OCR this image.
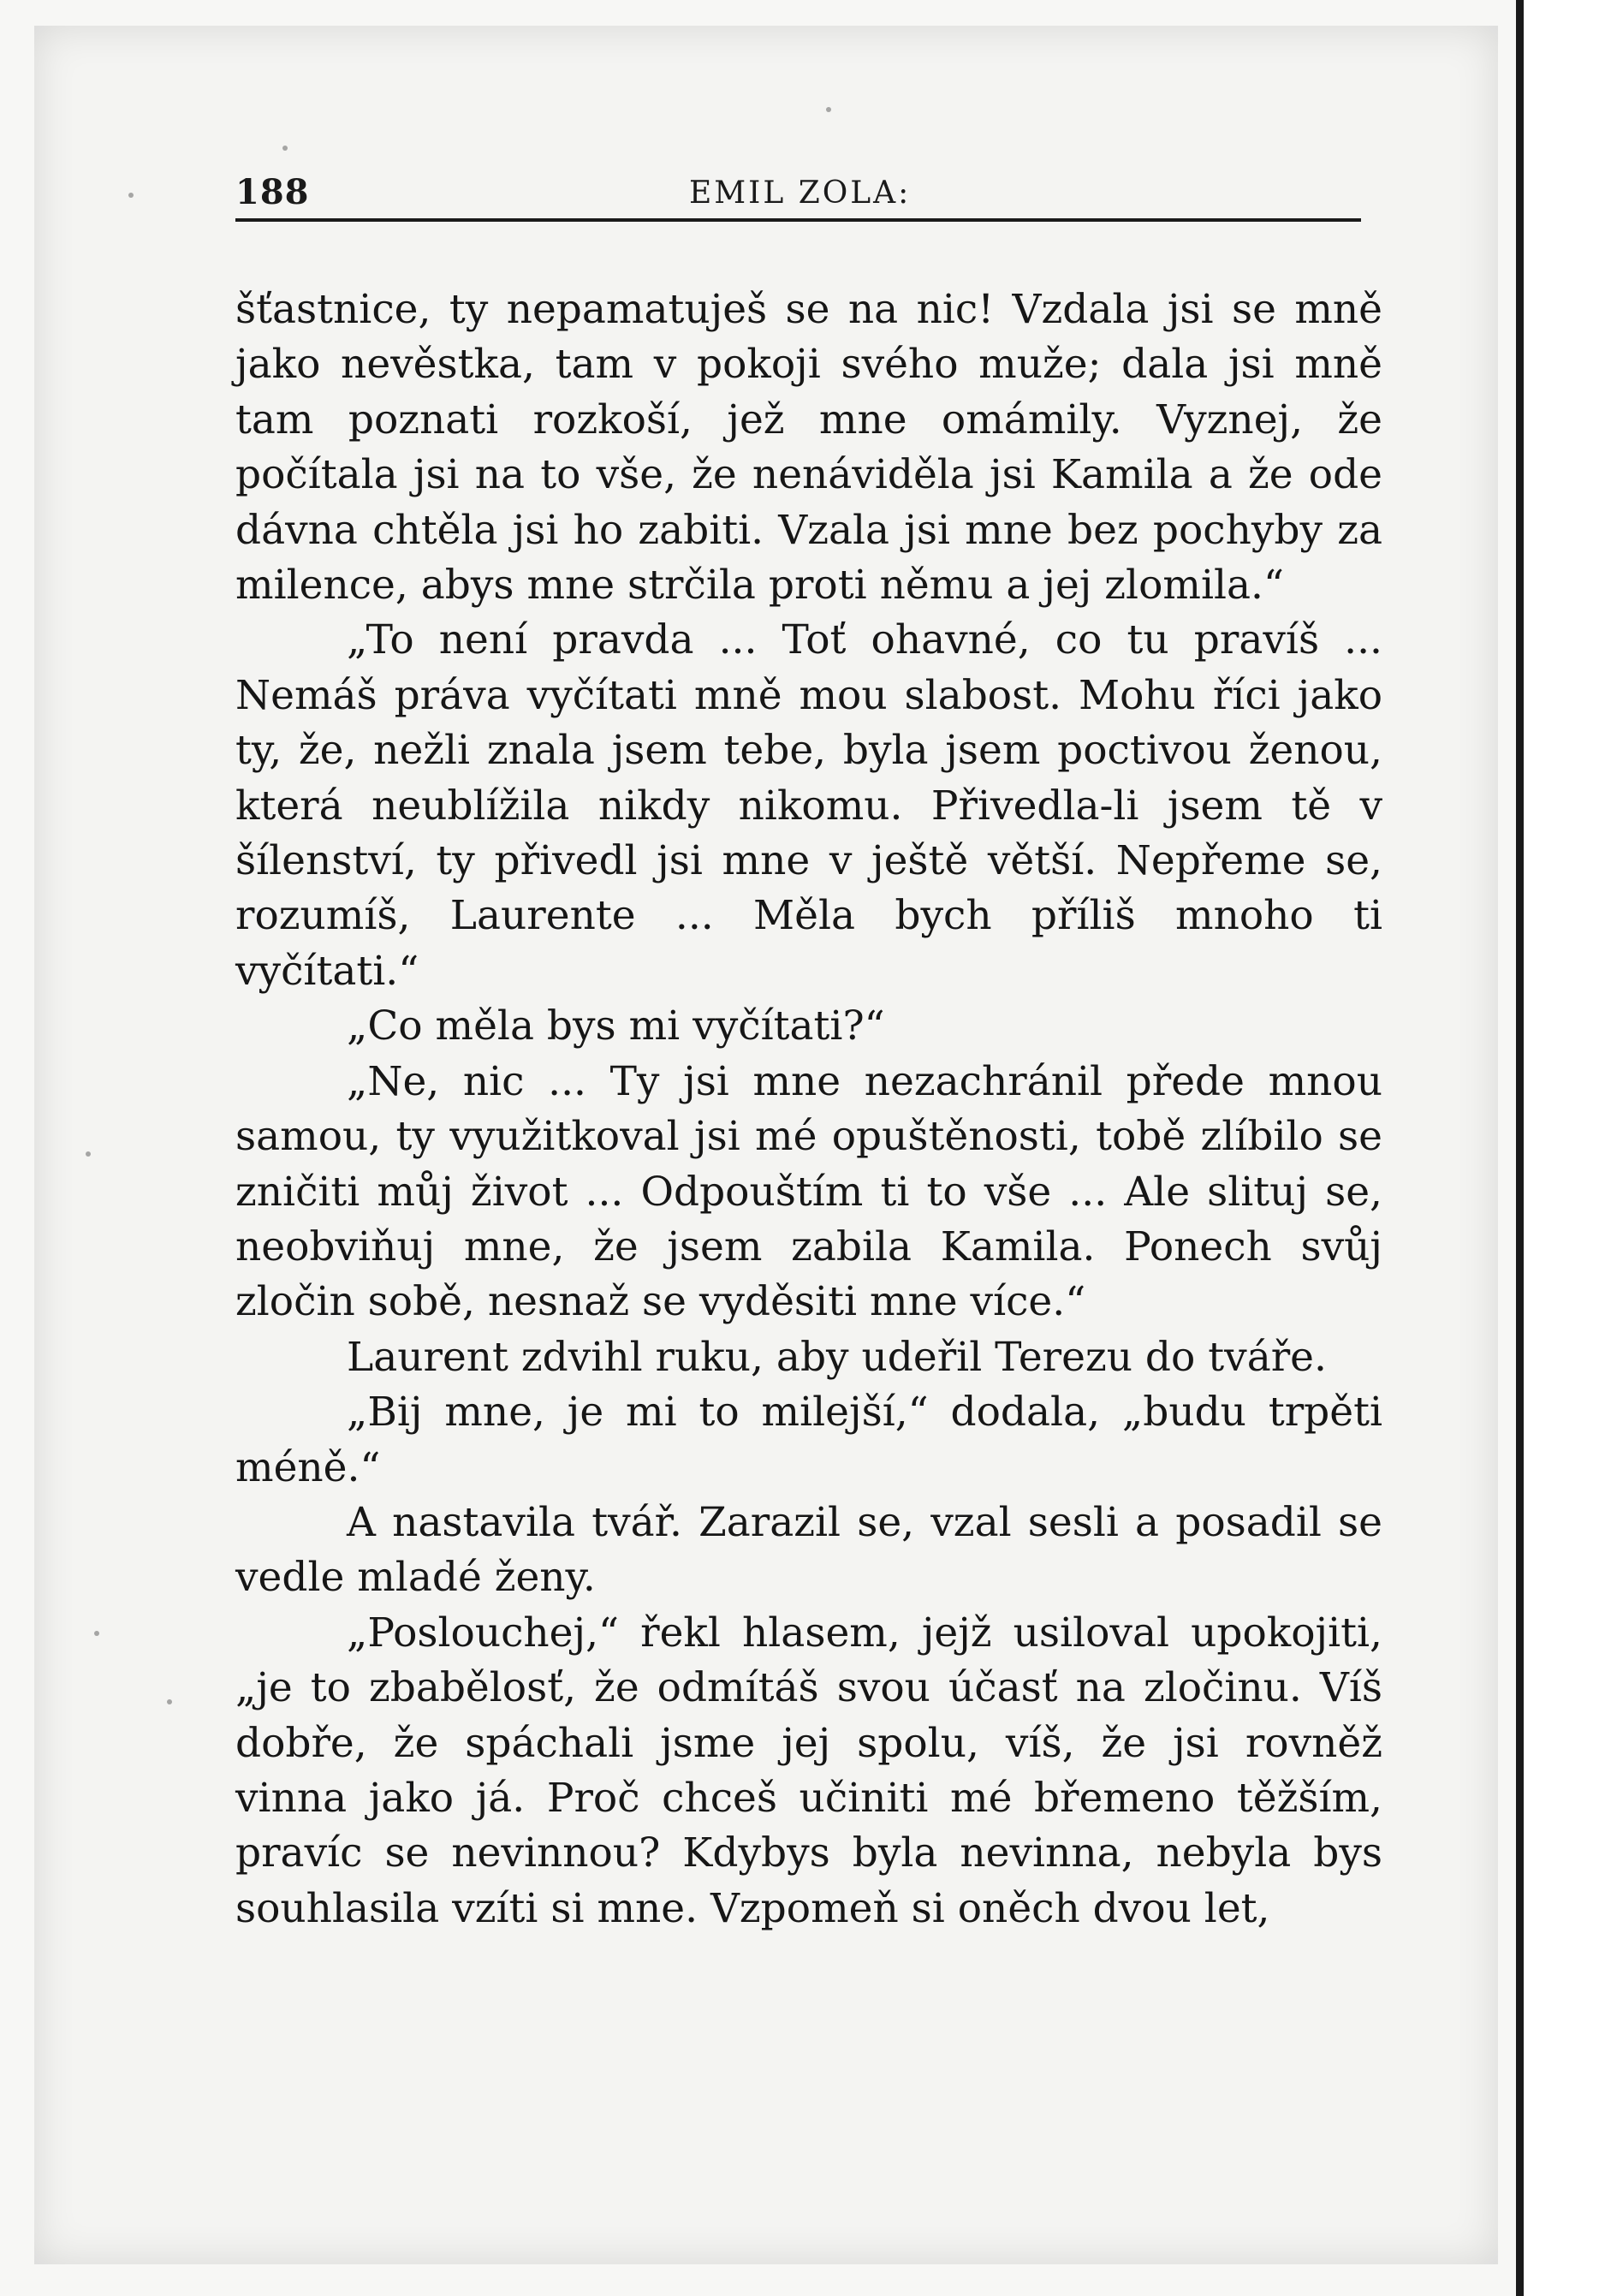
188	EMIL ZOLA:

šťastnice, ty nepamatuješ se na nic! Vzdala jsi se mně jako nevěstka, tam v pokoji svého muže; dala jsi mně tam poznati rozkoší, jež mne omámily. Vyznej, že počítala jsi na to vše, že nenáviděla jsi Kamila a že ode dávna chtěla jsi ho zabiti. Vzala jsi mne bez pochyby za milence, abys mne strčila proti němu a jej zlomila.“

„To není pravda ... Toť ohavné, co tu pravíš ... Nemáš práva vyčítati mně mou slabost. Mohu říci jako ty, že, nežli znala jsem tebe, byla jsem poctivou ženou, která neublížila nikdy nikomu. Přivedla-li jsem tě v šílenství, ty přivedl jsi mne v ještě větší. Nepřeme se, rozumíš, Laurente ... Měla bych příliš mnoho ti vyčítati.“

„Co měla bys mi vyčítati?“

„Ne, nic ... Ty jsi mne nezachránil přede mnou samou, ty využitkoval jsi mé opuštěnosti, tobě zlíbilo se zničiti můj život ... Odpouštím ti to vše ... Ale slituj se, neobviňuj mne, že jsem zabila Kamila. Ponech svůj zločin sobě, nesnaž se vyděsiti mne více.“

Laurent zdvihl ruku, aby udeřil Terezu do tváře.

„Bij mne, je mi to milejší,“ dodala, „budu trpěti méně.“

A nastavila tvář. Zarazil se, vzal sesli a posadil se vedle mladé ženy.

„Poslouchej,“ řekl hlasem, jejž usiloval upokojiti, „je to zbabělosť, že odmítáš svou účasť na zločinu. Víš dobře, že spáchali jsme jej spolu, víš, že jsi rovněž vinna jako já. Proč chceš učiniti mé břemeno těžším, pravíc se nevinnou? Kdybys byla nevinna, nebyla bys souhlasila vzíti si mne. Vzpomeň si oněch dvou let,
